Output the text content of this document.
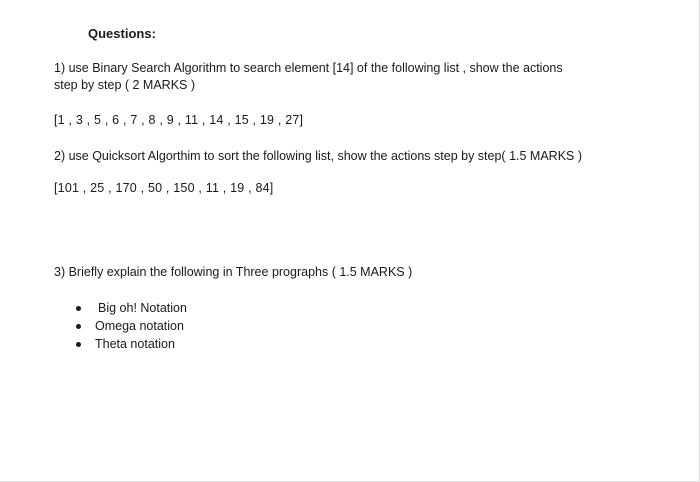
Questions:
1) use Binary Search Algorithm to search element [14] of the following list , show the actions
step by step ( 2 MARKS )
[1 , 3 , 5 , 6 , 7 , 8 , 9 , 11 , 14 , 15 , 19 , 27]
2) use Quicksort Algorthim to sort the following list, show the actions step by step( 1.5 MARKS )
[101 , 25 , 170 , 50 , 150 , 11 , 19 , 84]
3) Briefly explain the following in Three prographs ( 1.5 MARKS )
Big oh! Notation
Omega notation
Theta notation
